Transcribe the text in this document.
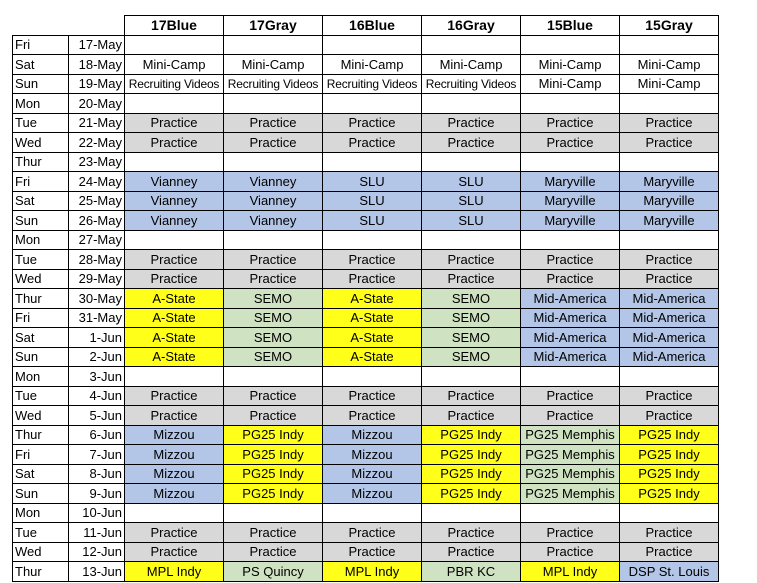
		17Blue	17Gray	16Blue	16Gray	15Blue	15Gray
Fri	17-May						
Sat	18-May	Mini-Camp	Mini-Camp	Mini-Camp	Mini-Camp	Mini-Camp	Mini-Camp
Sun	19-May	Recruiting Videos	Recruiting Videos	Recruiting Videos	Recruiting Videos	Mini-Camp	Mini-Camp
Mon	20-May						
Tue	21-May	Practice	Practice	Practice	Practice	Practice	Practice
Wed	22-May	Practice	Practice	Practice	Practice	Practice	Practice
Thur	23-May						
Fri	24-May	Vianney	Vianney	SLU	SLU	Maryville	Maryville
Sat	25-May	Vianney	Vianney	SLU	SLU	Maryville	Maryville
Sun	26-May	Vianney	Vianney	SLU	SLU	Maryville	Maryville
Mon	27-May						
Tue	28-May	Practice	Practice	Practice	Practice	Practice	Practice
Wed	29-May	Practice	Practice	Practice	Practice	Practice	Practice
Thur	30-May	A-State	SEMO	A-State	SEMO	Mid-America	Mid-America
Fri	31-May	A-State	SEMO	A-State	SEMO	Mid-America	Mid-America
Sat	1-Jun	A-State	SEMO	A-State	SEMO	Mid-America	Mid-America
Sun	2-Jun	A-State	SEMO	A-State	SEMO	Mid-America	Mid-America
Mon	3-Jun						
Tue	4-Jun	Practice	Practice	Practice	Practice	Practice	Practice
Wed	5-Jun	Practice	Practice	Practice	Practice	Practice	Practice
Thur	6-Jun	Mizzou	PG25 Indy	Mizzou	PG25 Indy	PG25 Memphis	PG25 Indy
Fri	7-Jun	Mizzou	PG25 Indy	Mizzou	PG25 Indy	PG25 Memphis	PG25 Indy
Sat	8-Jun	Mizzou	PG25 Indy	Mizzou	PG25 Indy	PG25 Memphis	PG25 Indy
Sun	9-Jun	Mizzou	PG25 Indy	Mizzou	PG25 Indy	PG25 Memphis	PG25 Indy
Mon	10-Jun						
Tue	11-Jun	Practice	Practice	Practice	Practice	Practice	Practice
Wed	12-Jun	Practice	Practice	Practice	Practice	Practice	Practice
Thur	13-Jun	MPL Indy	PS Quincy	MPL Indy	PBR KC	MPL Indy	DSP St. Louis
